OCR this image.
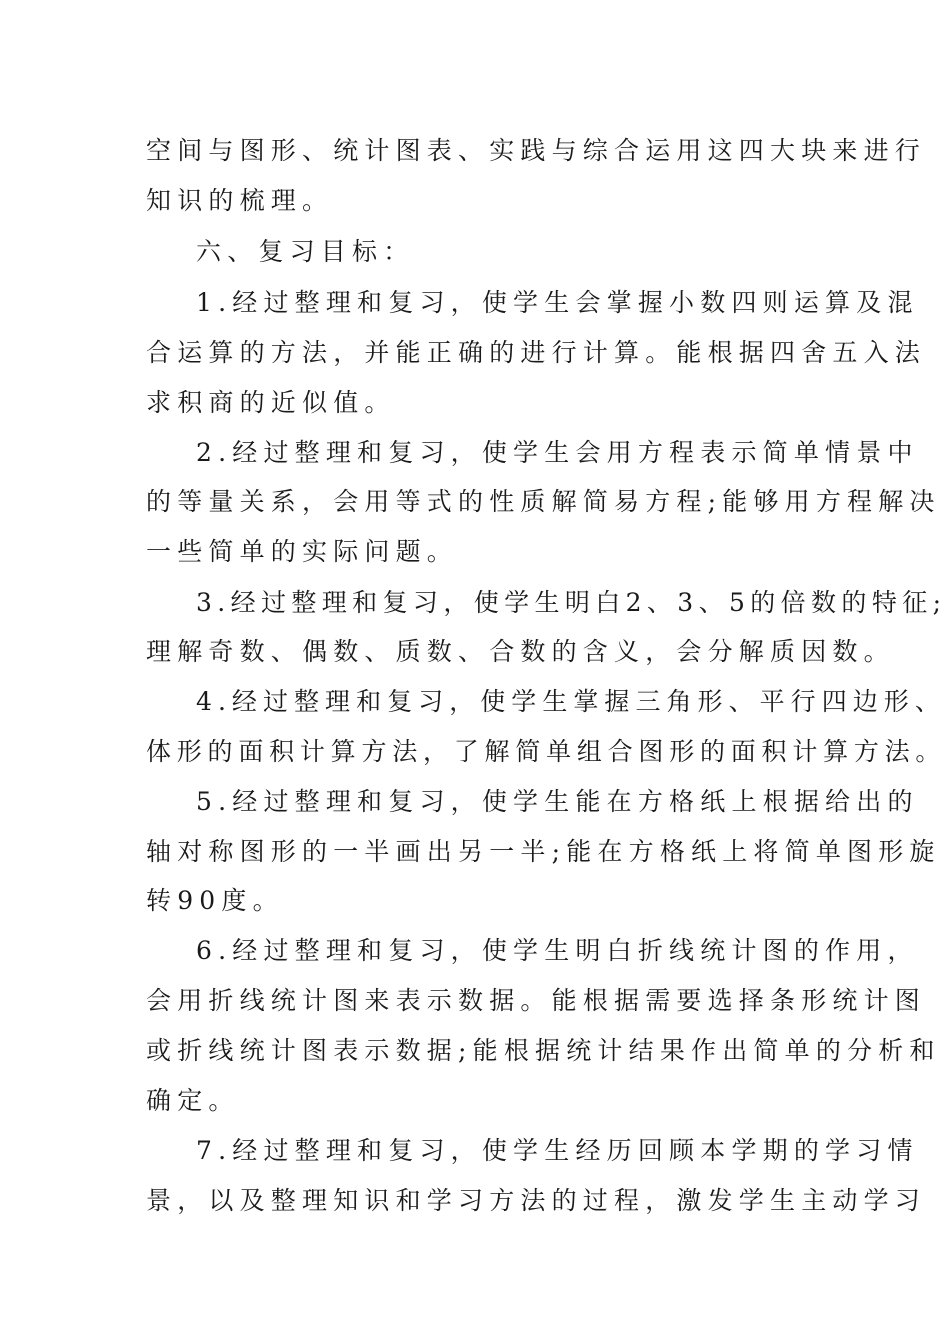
空间与图形、统计图表、实践与综合运用这四大块来进行
知识的梳理。
六、复习目标：
1.经过整理和复习，使学生会掌握小数四则运算及混
合运算的方法，并能正确的进行计算。能根据四舍五入法
求积商的近似值。
2.经过整理和复习，使学生会用方程表示简单情景中
的等量关系，会用等式的性质解简易方程;能够用方程解决
一些简单的实际问题。
3.经过整理和复习，使学生明白2、3、5的倍数的特征;
理解奇数、偶数、质数、合数的含义，会分解质因数。
4.经过整理和复习，使学生掌握三角形、平行四边形、
体形的面积计算方法，了解简单组合图形的面积计算方法。
5.经过整理和复习，使学生能在方格纸上根据给出的
轴对称图形的一半画出另一半;能在方格纸上将简单图形旋
转90度。
6.经过整理和复习，使学生明白折线统计图的作用，
会用折线统计图来表示数据。能根据需要选择条形统计图
或折线统计图表示数据;能根据统计结果作出简单的分析和
确定。
7.经过整理和复习，使学生经历回顾本学期的学习情
景，以及整理知识和学习方法的过程，激发学生主动学习
